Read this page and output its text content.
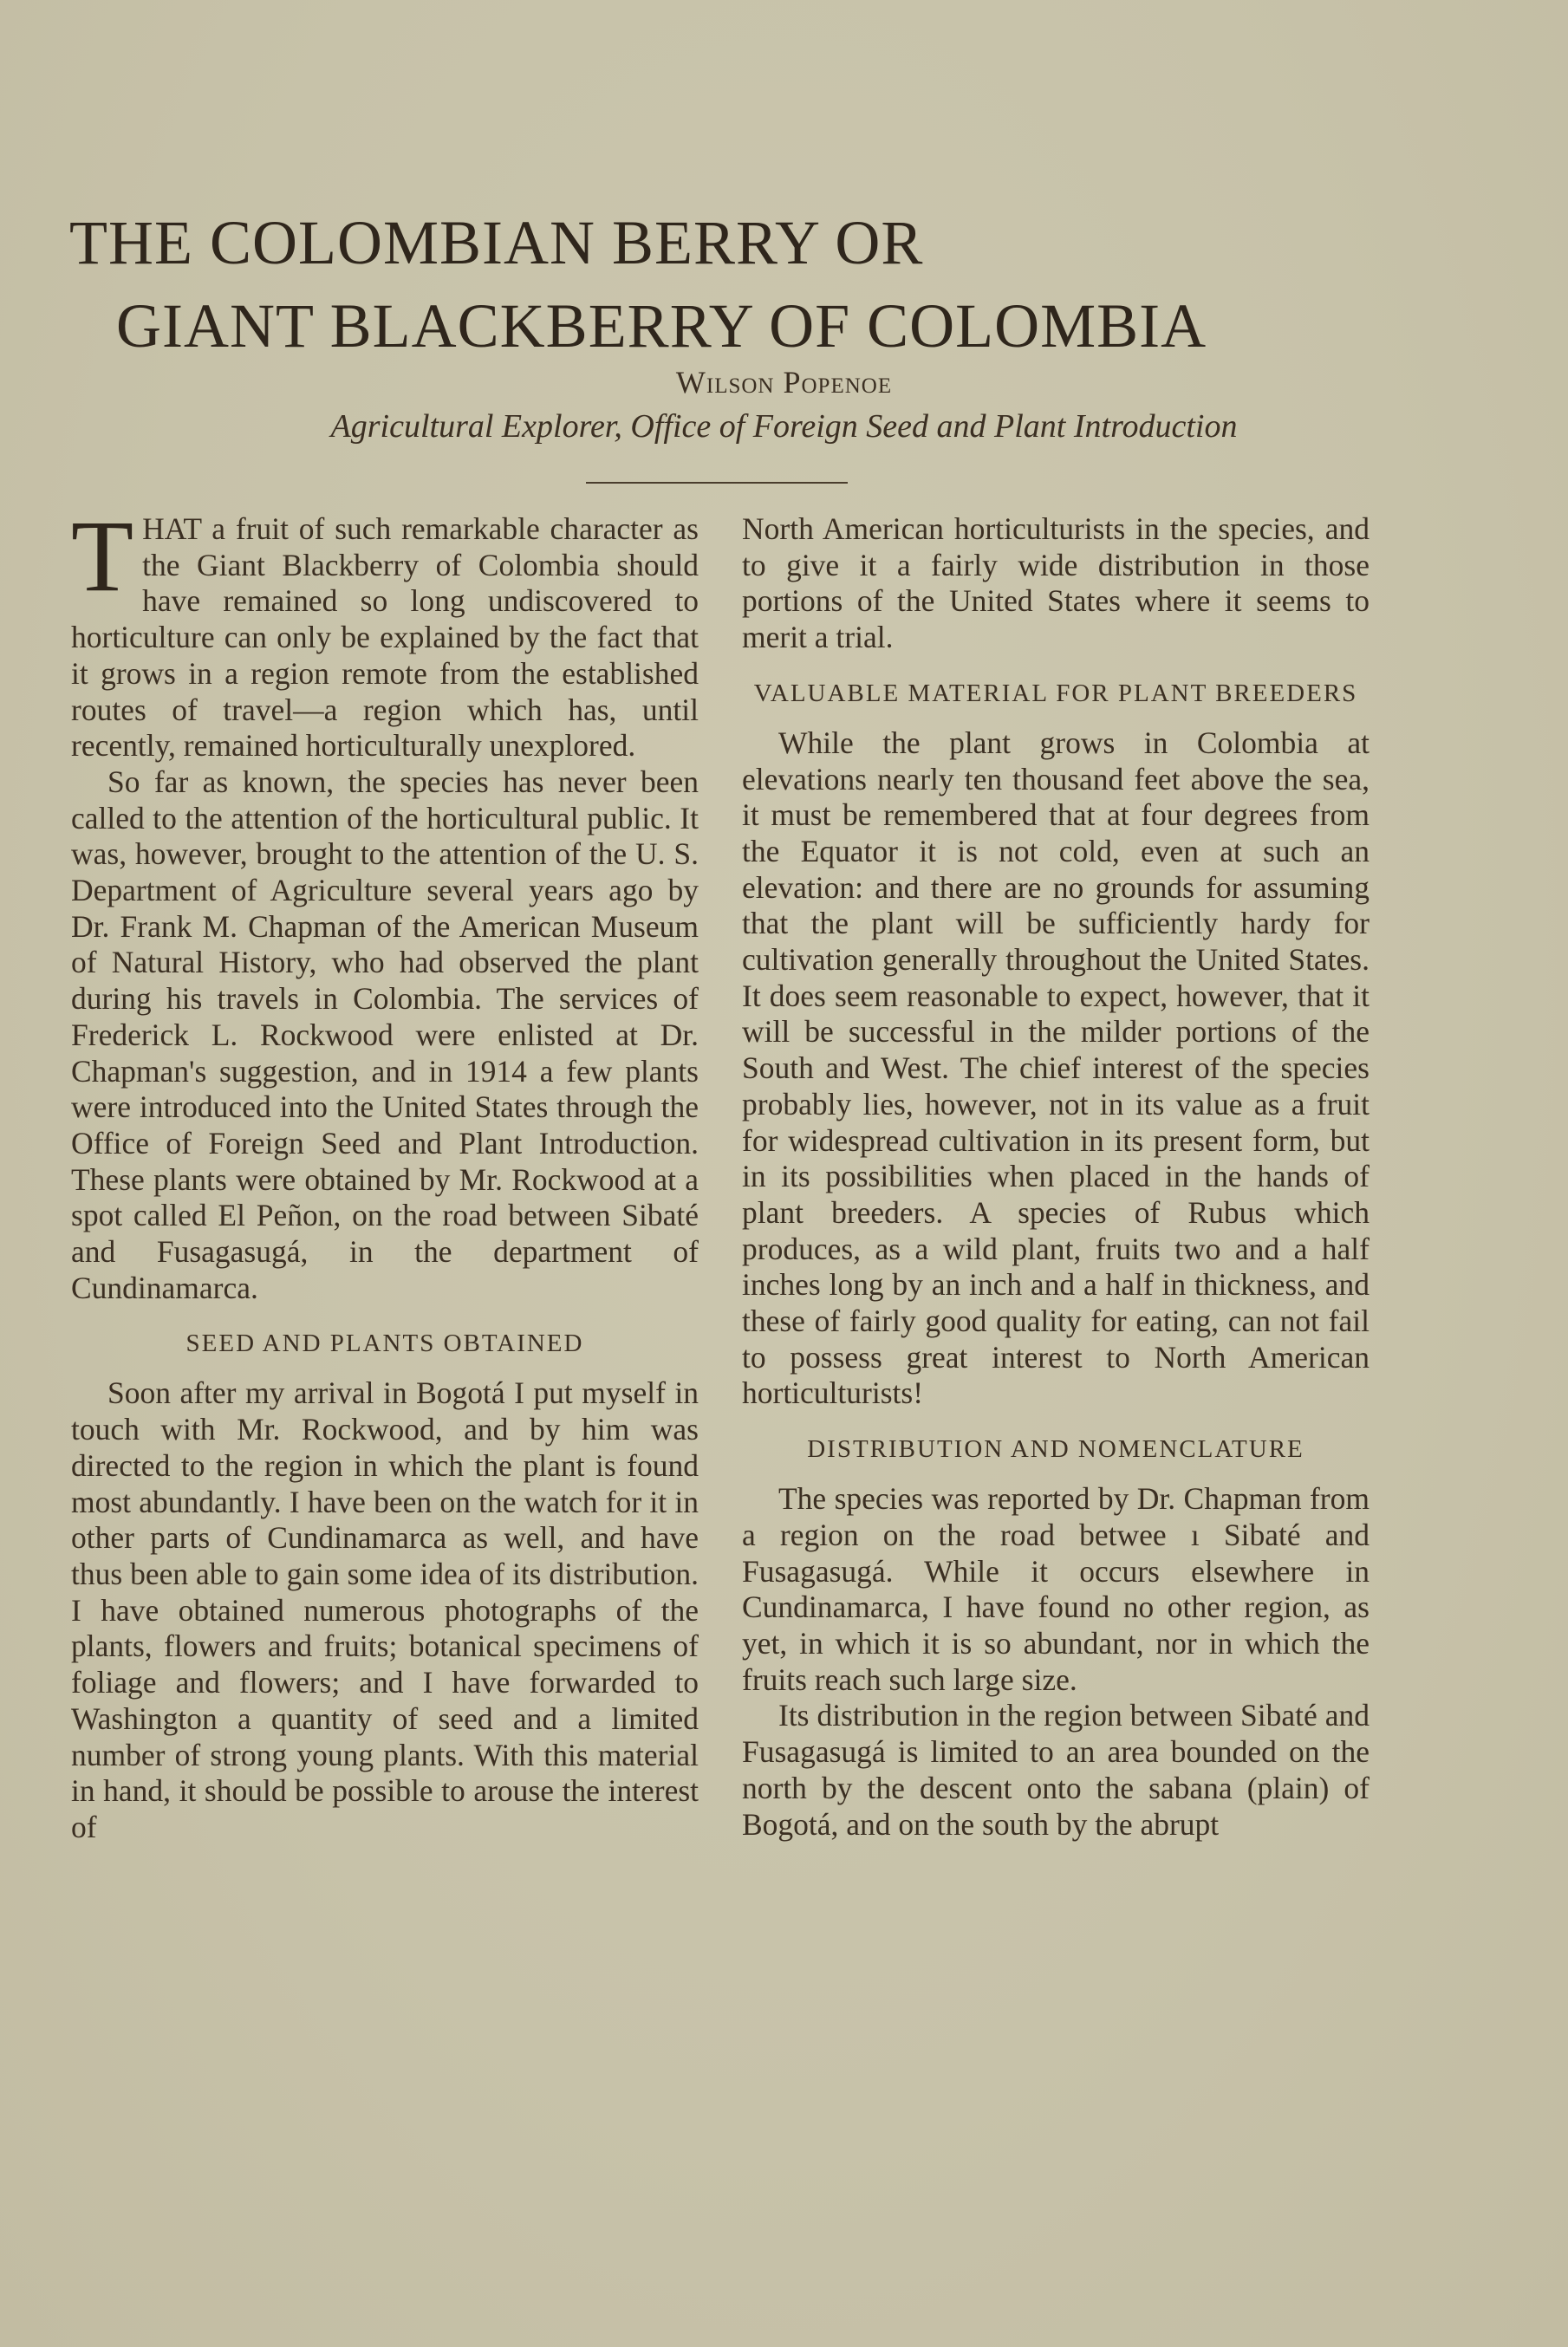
THE COLOMBIAN BERRY OR
GIANT BLACKBERRY OF COLOMBIA
Wilson Popenoe
Agricultural Explorer, Office of Foreign Seed and Plant Introduction

THAT a fruit of such remarkable character as the Giant Blackberry of Colombia should have remained so long undiscovered to horticulture can only be explained by the fact that it grows in a region remote from the established routes of travel—a region which has, until recently, remained horticulturally unexplored.

So far as known, the species has never been called to the attention of the horticultural public. It was, however, brought to the attention of the U. S. Department of Agriculture several years ago by Dr. Frank M. Chapman of the American Museum of Natural History, who had observed the plant during his travels in Colombia. The services of Frederick L. Rockwood were enlisted at Dr. Chapman's suggestion, and in 1914 a few plants were introduced into the United States through the Office of Foreign Seed and Plant Introduction. These plants were obtained by Mr. Rockwood at a spot called El Peñon, on the road between Sibaté and Fusagasugá, in the department of Cundinamarca.

SEED AND PLANTS OBTAINED

Soon after my arrival in Bogotá I put myself in touch with Mr. Rockwood, and by him was directed to the region in which the plant is found most abundantly. I have been on the watch for it in other parts of Cundinamarca as well, and have thus been able to gain some idea of its distribution. I have obtained numerous photographs of the plants, flowers and fruits; botanical specimens of foliage and flowers; and I have forwarded to Washington a quantity of seed and a limited number of strong young plants. With this material in hand, it should be possible to arouse the interest of

North American horticulturists in the species, and to give it a fairly wide distribution in those portions of the United States where it seems to merit a trial.

VALUABLE MATERIAL FOR PLANT BREEDERS

While the plant grows in Colombia at elevations nearly ten thousand feet above the sea, it must be remembered that at four degrees from the Equator it is not cold, even at such an elevation: and there are no grounds for assuming that the plant will be sufficiently hardy for cultivation generally throughout the United States. It does seem reasonable to expect, however, that it will be successful in the milder portions of the South and West. The chief interest of the species probably lies, however, not in its value as a fruit for widespread cultivation in its present form, but in its possibilities when placed in the hands of plant breeders. A species of Rubus which produces, as a wild plant, fruits two and a half inches long by an inch and a half in thickness, and these of fairly good quality for eating, can not fail to possess great interest to North American horticulturists!

DISTRIBUTION AND NOMENCLATURE

The species was reported by Dr. Chapman from a region on the road betwee ı Sibaté and Fusagasugá. While it occurs elsewhere in Cundinamarca, I have found no other region, as yet, in which it is so abundant, nor in which the fruits reach such large size.

Its distribution in the region between Sibaté and Fusagasugá is limited to an area bounded on the north by the descent onto the sabana (plain) of Bogotá, and on the south by the abrupt
